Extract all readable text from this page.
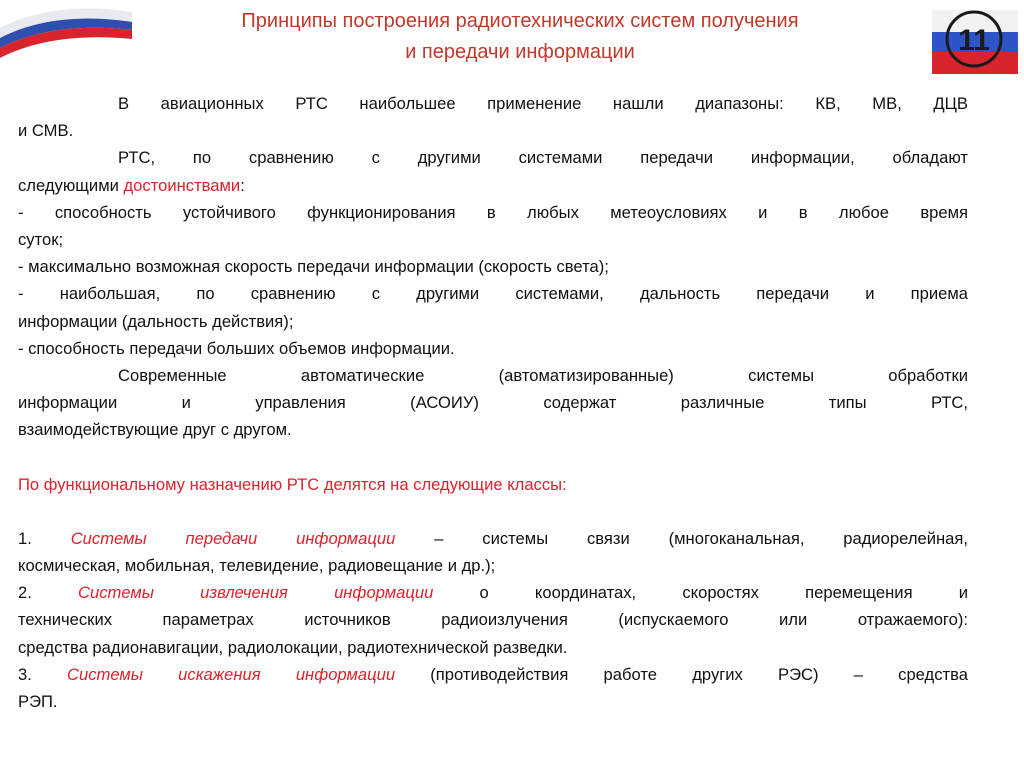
Принципы построения радиотехнических систем получения
и передачи информации	11

В авиационных РТС наибольшее применение нашли диапазоны: КВ, МВ, ДЦВ

и СМВ.

РТС, по сравнению с другими системами передачи информации, обладают

следующими достоинствами:

- способность устойчивого функционирования в любых метеоусловиях и в любое время

суток;

- максимально возможная скорость передачи информации (скорость света);

- наибольшая, по сравнению с другими системами, дальность передачи и приема

информации (дальность действия);

- способность передачи больших объемов информации.

Современные автоматические (автоматизированные) системы обработки

информации и управления (АСОИУ) содержат различные типы РТС,

взаимодействующие друг с другом.

По функциональному назначению РТС делятся на следующие классы:

1. Системы передачи информации – системы связи (многоканальная, радиорелейная,

космическая, мобильная, телевидение, радиовещание и др.);

2. Системы извлечения информации о координатах, скоростях перемещения и

технических параметрах источников радиоизлучения (испускаемого или отражаемого):

средства радионавигации, радиолокации, радиотехнической разведки.

3. Системы искажения информации (противодействия работе других РЭС) – средства

РЭП.
